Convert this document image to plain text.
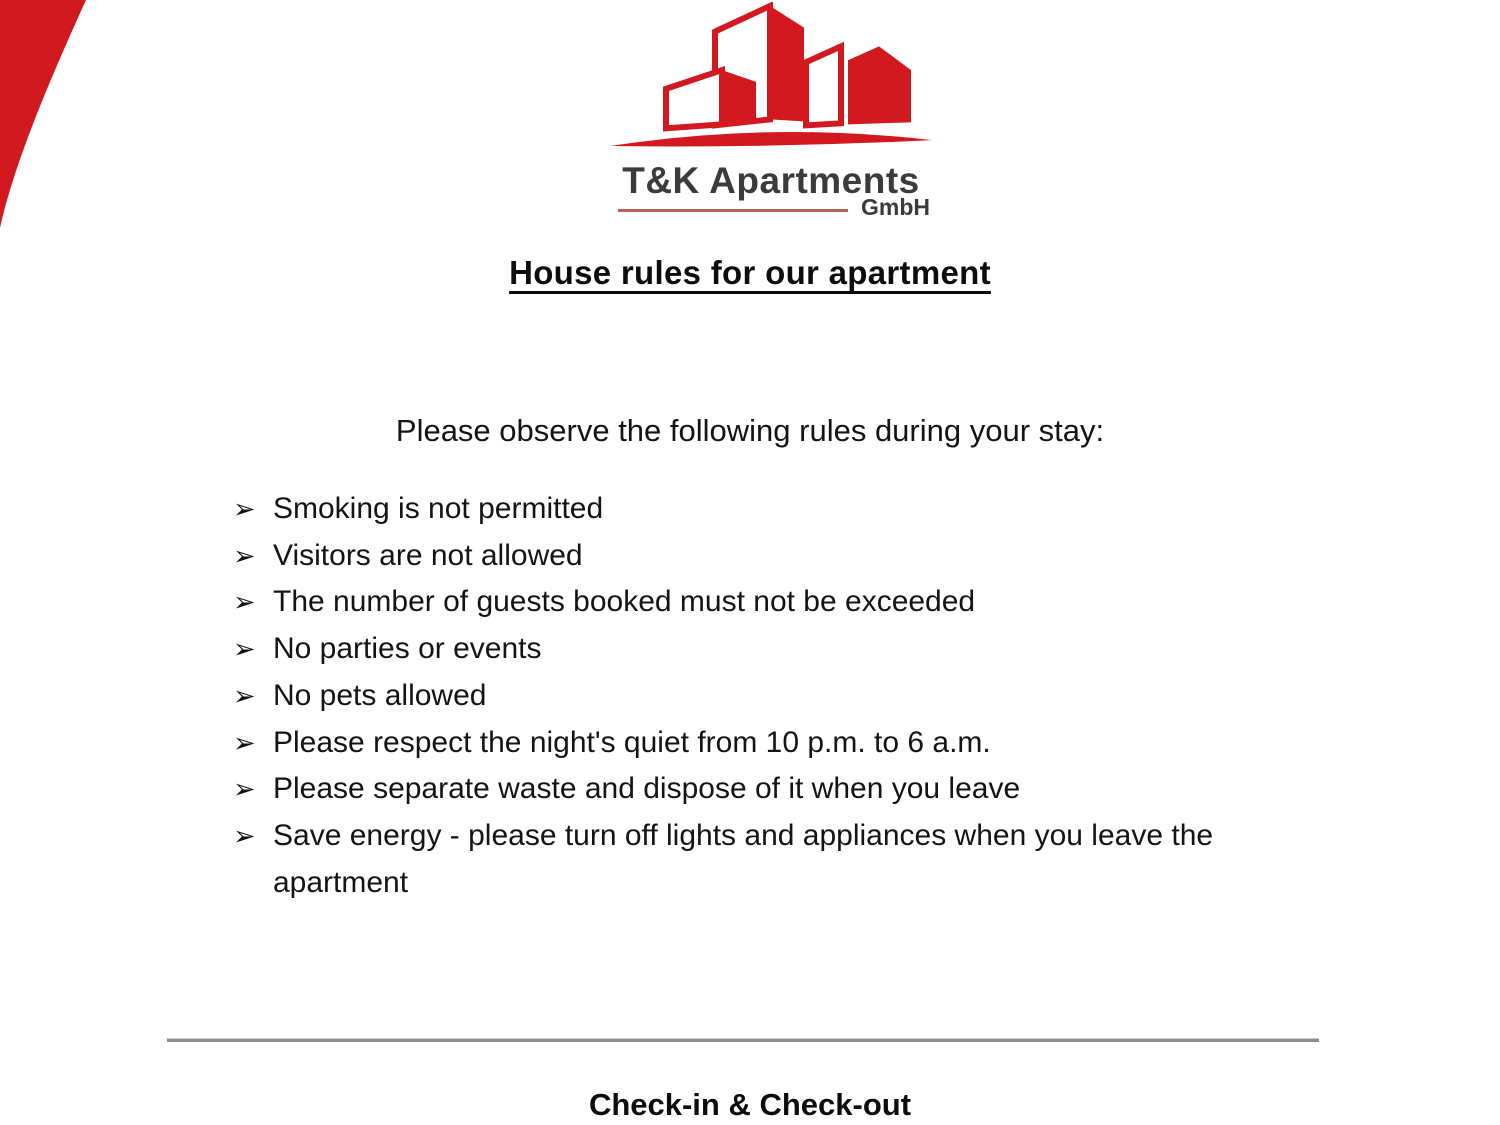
T&K Apartments
GmbH
House rules for our apartment

Please observe the following rules during your stay:

➢ Smoking is not permitted
➢ Visitors are not allowed
➢ The number of guests booked must not be exceeded
➢ No parties or events
➢ No pets allowed
➢ Please respect the night's quiet from 10 p.m. to 6 a.m.
➢ Please separate waste and dispose of it when you leave
➢ Save energy - please turn off lights and appliances when you leave the apartment
Check-in & Check-out
